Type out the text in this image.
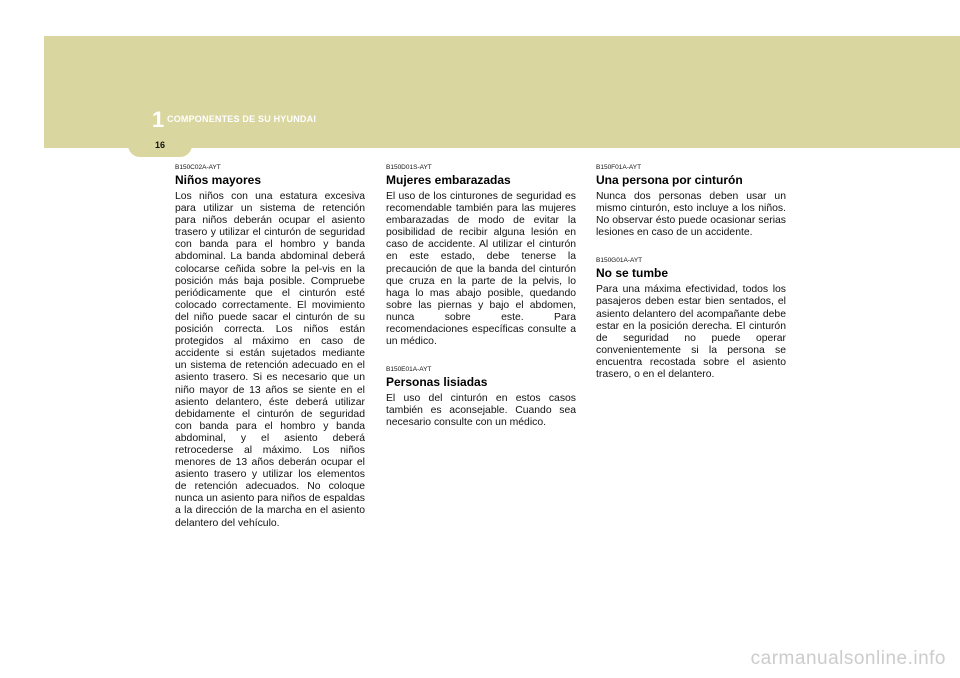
1 COMPONENTES DE SU HYUNDAI
16

B150C02A-AYT

Niños mayores

Los niños con una estatura excesiva para utilizar un sistema de retención para niños deberán ocupar el asiento trasero y utilizar el cinturón de seguridad con banda para el hombro y banda abdominal. La banda abdominal deberá colocarse ceñida sobre la pel-vis en la posición más baja posible. Compruebe periódicamente que el cinturón esté colocado correctamente. El movimiento del niño puede sacar el cinturón de su posición correcta. Los niños están protegidos al máximo en caso de accidente si están sujetados mediante un sistema de retención adecuado en el asiento trasero. Si es necesario que un niño mayor de 13 años se siente en el asiento delantero, éste deberá utilizar debidamente el cinturón de seguridad con banda para el hombro y banda abdominal, y el asiento deberá retrocederse al máximo. Los niños menores de 13 años deberán ocupar el asiento trasero y utilizar los elementos de retención adecuados. No coloque nunca un asiento para niños de espaldas a la dirección de la marcha en el asiento delantero del vehículo.

B150D01S-AYT

Mujeres embarazadas

El uso de los cinturones de seguridad es recomendable también para las mujeres embarazadas de modo de evitar la posibilidad de recibir alguna lesión en caso de accidente. Al utilizar el cinturón en este estado, debe tenerse la precaución de que la banda del cinturón que cruza en la parte de la pelvis, lo haga lo mas abajo posible, quedando sobre las piernas y bajo el abdomen, nunca sobre este. Para recomendaciones específicas consulte a un médico.

B150E01A-AYT

Personas lisiadas

El uso del cinturón en estos casos también es aconsejable. Cuando sea necesario consulte con un médico.

B150F01A-AYT

Una persona por cinturón

Nunca dos personas deben usar un mismo cinturón, esto incluye a los niños. No observar ésto puede ocasionar serias lesiones en caso de un accidente.

B150G01A-AYT

No se tumbe

Para una máxima efectividad, todos los pasajeros deben estar bien sentados, el asiento delantero del acompañante debe estar en la posición derecha. El cinturón de seguridad no puede operar convenientemente si la persona se encuentra recostada sobre el asiento trasero, o en el delantero.

carmanualsonline.info
